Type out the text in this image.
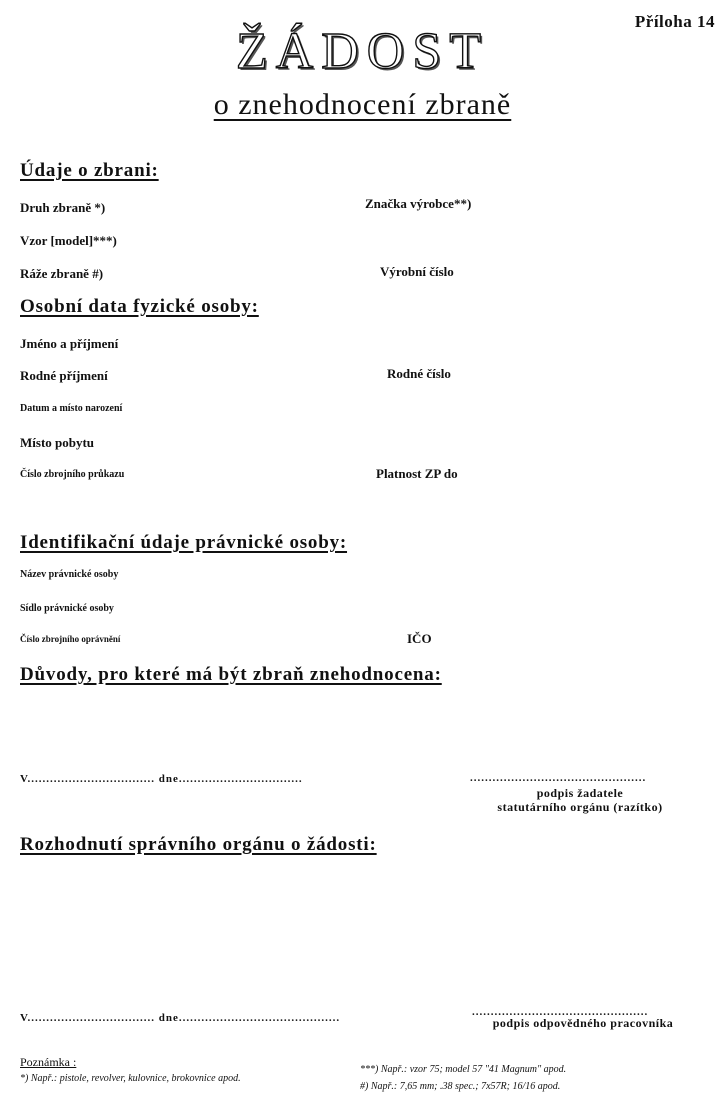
Příloha 14
ŽÁDOST
o znehodnocení zbraně
Údaje o zbrani:
Druh zbraně *)	Značka výrobce**)
Vzor [model]***)
Ráže zbraně #)	Výrobní číslo
Osobní data fyzické osoby:
Jméno a příjmení
Rodné příjmení	Rodné číslo
Datum a místo narození
Místo pobytu
Číslo zbrojního průkazu	Platnost ZP do
Identifikační údaje právnické osoby:
Název právnické osoby
Sídlo právnické osoby
Číslo zbrojního oprávnění	IČO
Důvody, pro které má být zbraň znehodnocena:
V.................................. dne.................................	...............................................
podpis žadatele
statutárního orgánu (razítko)
Rozhodnutí správního orgánu o žádosti:
V.................................. dne...........................................	...............................................
podpis odpovědného pracovníka
Poznámka :
*) Např.: pistole, revolver, kulovnice, brokovnice apod.
***) Např.: vzor 75; model 57 "41 Magnum" apod.
#) Např.: 7,65 mm; .38 spec.; 7x57R; 16/16 apod.
